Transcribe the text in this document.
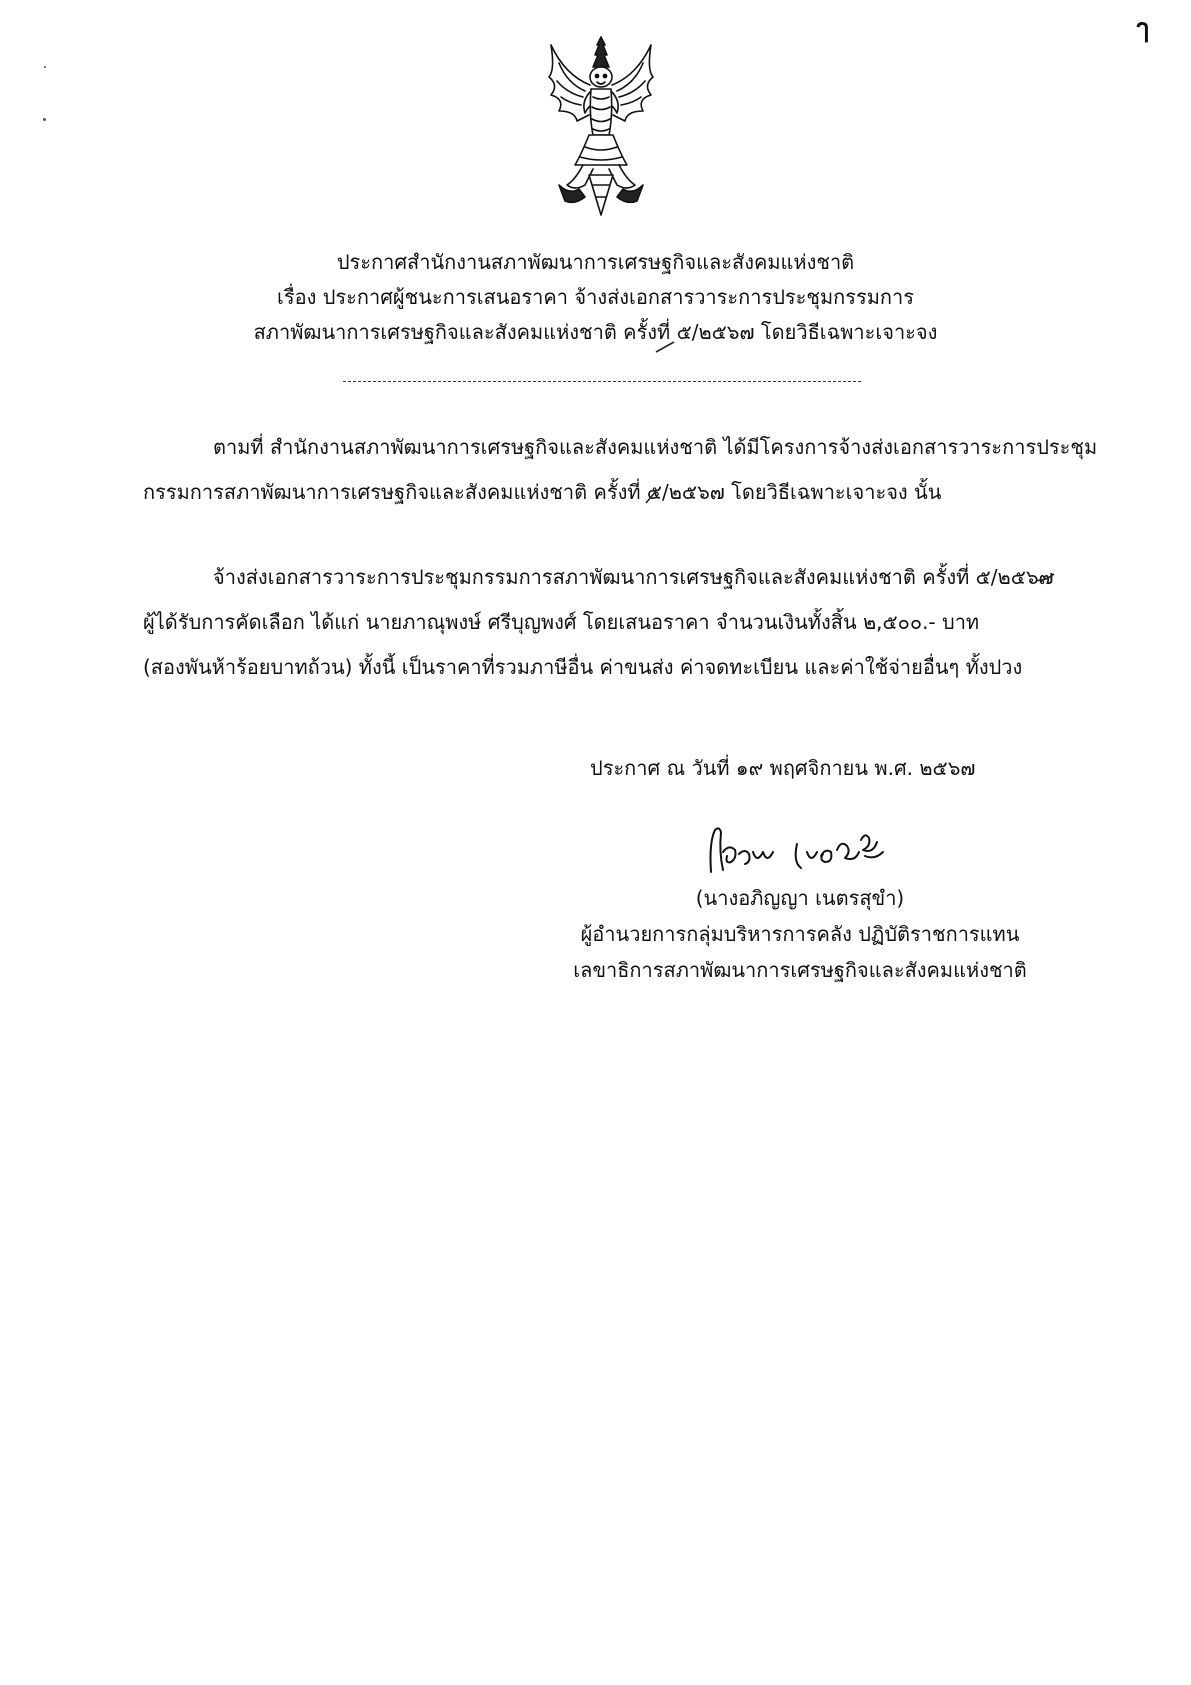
ๅ
ประกาศสำนักงานสภาพัฒนาการเศรษฐกิจและสังคมแห่งชาติ
เรื่อง ประกาศผู้ชนะการเสนอราคา จ้างส่งเอกสารวาระการประชุมกรรมการ
สภาพัฒนาการเศรษฐกิจและสังคมแห่งชาติ ครั้งที่ ๕/๒๕๖๗ โดยวิธีเฉพาะเจาะจง
ตามที่ สำนักงานสภาพัฒนาการเศรษฐกิจและสังคมแห่งชาติ ได้มีโครงการจ้างส่งเอกสารวาระการประชุม
กรรมการสภาพัฒนาการเศรษฐกิจและสังคมแห่งชาติ ครั้งที่ ๕/๒๕๖๗ โดยวิธีเฉพาะเจาะจง นั้น
จ้างส่งเอกสารวาระการประชุมกรรมการสภาพัฒนาการเศรษฐกิจและสังคมแห่งชาติ ครั้งที่ ๕/๒๕๖๗
ผู้ได้รับการคัดเลือก ได้แก่ นายภาณุพงษ์ ศรีบุญพงศ์ โดยเสนอราคา จำนวนเงินทั้งสิ้น ๒,๕๐๐.- บาท
(สองพันห้าร้อยบาทถ้วน) ทั้งนี้ เป็นราคาที่รวมภาษีอื่น ค่าขนส่ง ค่าจดทะเบียน และค่าใช้จ่ายอื่นๆ ทั้งปวง
ประกาศ ณ วันที่ ๑๙ พฤศจิกายน พ.ศ. ๒๕๖๗
(นางอภิญญา เนตรสุขำ)
ผู้อำนวยการกลุ่มบริหารการคลัง ปฏิบัติราชการแทน
เลขาธิการสภาพัฒนาการเศรษฐกิจและสังคมแห่งชาติ
